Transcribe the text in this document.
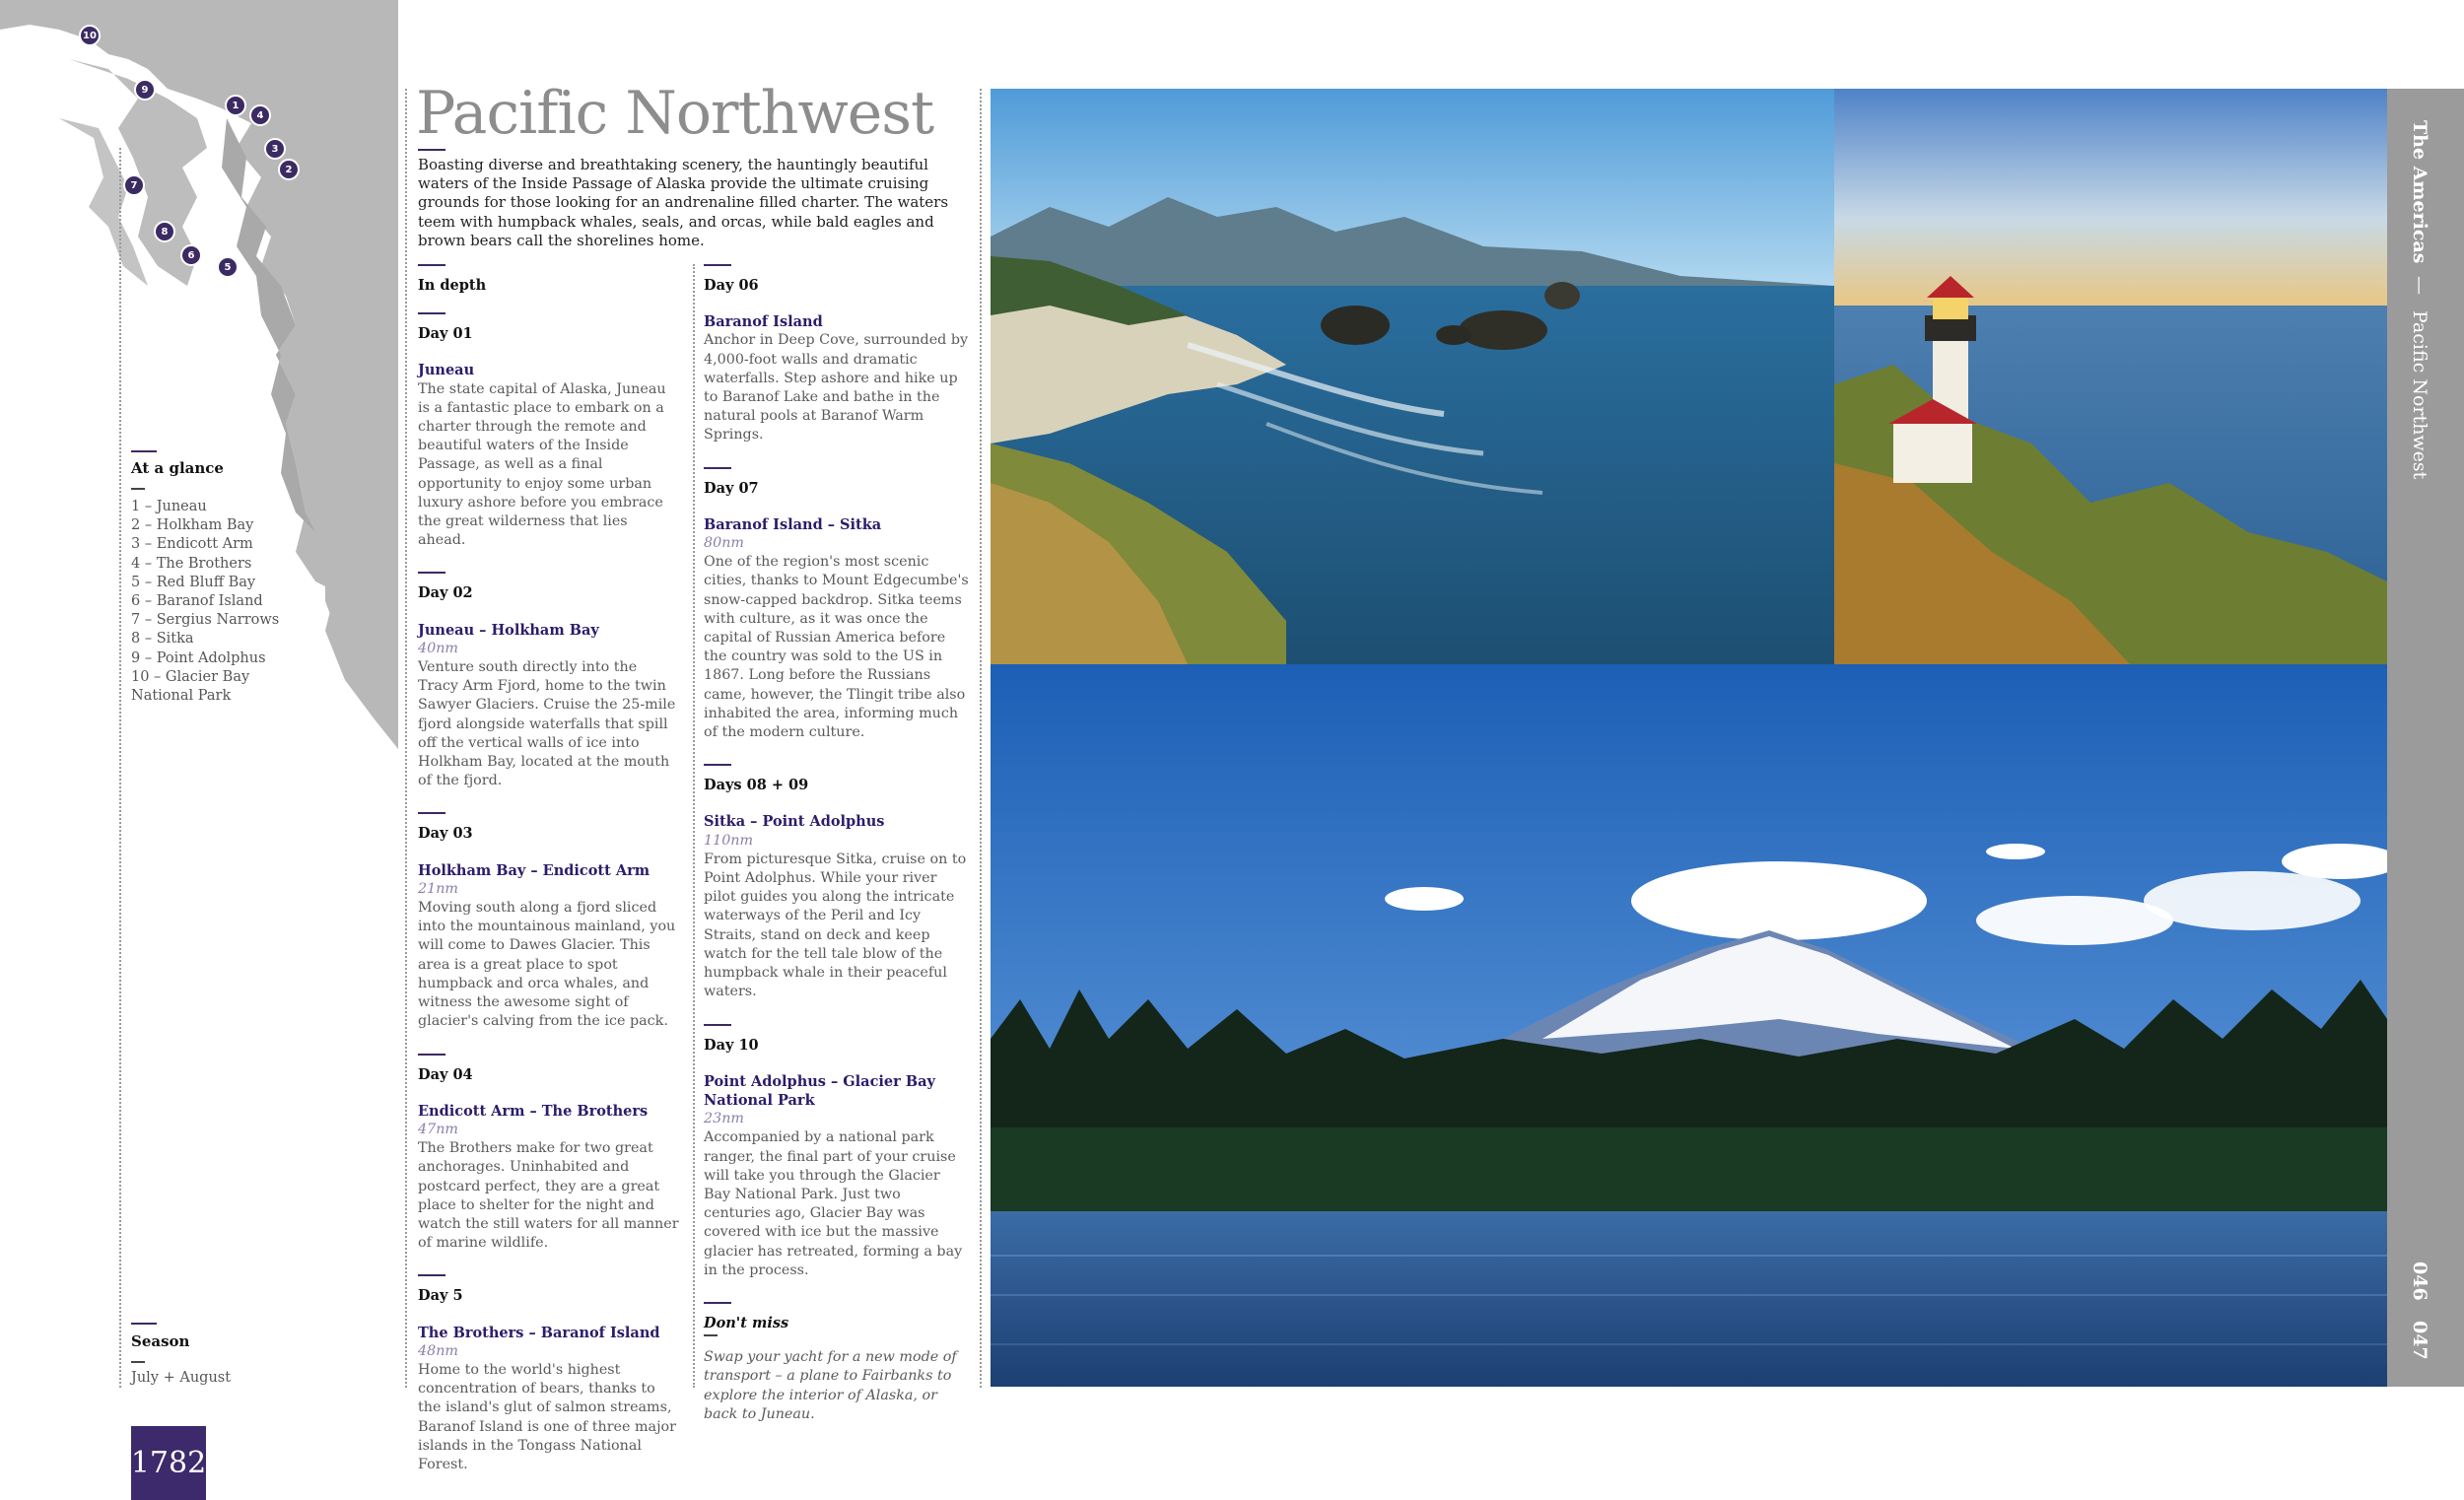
10
9
1
4
3
2
7
8
6
5
At a glance
1 – Juneau
2 – Holkham Bay
3 – Endicott Arm
4 – The Brothers
5 – Red Bluff Bay
6 – Baranof Island
7 – Sergius Narrows
8 – Sitka
9 – Point Adolphus
10 – Glacier Bay
National Park
Season
July + August
Pacific Northwest
Boasting diverse and breathtaking scenery, the hauntingly beautiful waters of the Inside Passage of Alaska provide the ultimate cruising grounds for those looking for an andrenaline filled charter. The waters teem with humpback whales, seals, and orcas, while bald eagles and brown bears call the shorelines home.
In depth
Day 01
Juneau
The state capital of Alaska, Juneau is a fantastic place to embark on a charter through the remote and beautiful waters of the Inside Passage, as well as a final opportunity to enjoy some urban luxury ashore before you embrace the great wilderness that lies ahead.
Day 02
Juneau – Holkham Bay
40nm
Venture south directly into the Tracy Arm Fjord, home to the twin Sawyer Glaciers. Cruise the 25-mile fjord alongside waterfalls that spill off the vertical walls of ice into Holkham Bay, located at the mouth of the fjord.
Day 03
Holkham Bay – Endicott Arm
21nm
Moving south along a fjord sliced into the mountainous mainland, you will come to Dawes Glacier. This area is a great place to spot humpback and orca whales, and witness the awesome sight of glacier's calving from the ice pack.
Day 04
Endicott Arm – The Brothers
47nm
The Brothers make for two great anchorages. Uninhabited and postcard perfect, they are a great place to shelter for the night and watch the still waters for all manner of marine wildlife.
Day 5
The Brothers – Baranof Island
48nm
Home to the world's highest concentration of bears, thanks to the island's glut of salmon streams, Baranof Island is one of three major islands in the Tongass National Forest.
Day 06
Baranof Island
Anchor in Deep Cove, surrounded by 4,000-foot walls and dramatic waterfalls. Step ashore and hike up to Baranof Lake and bathe in the natural pools at Baranof Warm Springs.
Day 07
Baranof Island – Sitka
80nm
One of the region's most scenic cities, thanks to Mount Edgecumbe's snow-capped backdrop. Sitka teems with culture, as it was once the capital of Russian America before the country was sold to the US in 1867. Long before the Russians came, however, the Tlingit tribe also inhabited the area, informing much of the modern culture.
Days 08 + 09
Sitka – Point Adolphus
110nm
From picturesque Sitka, cruise on to Point Adolphus. While your river pilot guides you along the intricate waterways of the Peril and Icy Straits, stand on deck and keep watch for the tell tale blow of the humpback whale in their peaceful waters.
Day 10
Point Adolphus – Glacier Bay National Park
23nm
Accompanied by a national park ranger, the final part of your cruise will take you through the Glacier Bay National Park. Just two centuries ago, Glacier Bay was covered with ice but the massive glacier has retreated, forming a bay in the process.
Don't miss
Swap your yacht for a new mode of transport – a plane to Fairbanks to explore the interior of Alaska, or back to Juneau.
The Americas
—
Pacific Northwest
046
047
1782
